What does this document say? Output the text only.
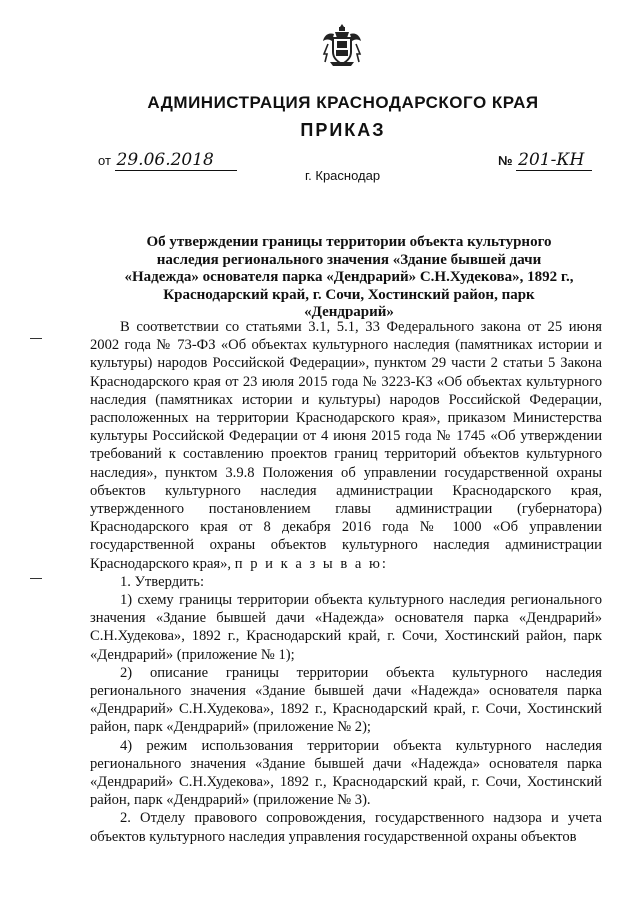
АДМИНИСТРАЦИЯ КРАСНОДАРСКОГО КРАЯ
ПРИКАЗ
от 29.06.2018	№ 201-КН
г. Краснодар
Об утверждении границы территории объекта культурного наследия регионального значения «Здание бывшей дачи «Надежда» основателя парка «Дендрарий» С.Н.Худекова», 1892 г., Краснодарский край, г. Сочи, Хостинский район, парк «Дендрарий»

В соответствии со статьями 3.1, 5.1, 33 Федерального закона от 25 июня 2002 года № 73-ФЗ «Об объектах культурного наследия (памятниках истории и культуры) народов Российской Федерации», пунктом 29 части 2 статьи 5 Закона Краснодарского края от 23 июля 2015 года № 3223-КЗ «Об объектах культурного наследия (памятниках истории и культуры) народов Российской Федерации, расположенных на территории Краснодарского края», приказом Министерства культуры Российской Федерации от 4 июня 2015 года № 1745 «Об утверждении требований к составлению проектов границ территорий объектов культурного наследия», пунктом 3.9.8 Положения об управлении государственной охраны объектов культурного наследия администрации Краснодарского края, утвержденного постановлением главы администрации (губернатора) Краснодарского края от 8 декабря 2016 года № 1000 «Об управлении государственной охраны объектов культурного наследия администрации Краснодарского края», п р и к а з ы в а ю:

1. Утвердить:

1) схему границы территории объекта культурного наследия регионального значения «Здание бывшей дачи «Надежда» основателя парка «Дендрарий» С.Н.Худекова», 1892 г., Краснодарский край, г. Сочи, Хостинский район, парк «Дендрарий» (приложение № 1);

2) описание границы территории объекта культурного наследия регионального значения «Здание бывшей дачи «Надежда» основателя парка «Дендрарий» С.Н.Худекова», 1892 г., Краснодарский край, г. Сочи, Хостинский район, парк «Дендрарий» (приложение № 2);

4) режим использования территории объекта культурного наследия регионального значения «Здание бывшей дачи «Надежда» основателя парка «Дендрарий» С.Н.Худекова», 1892 г., Краснодарский край, г. Сочи, Хостинский район, парк «Дендрарий» (приложение № 3).

2. Отделу правового сопровождения, государственного надзора и учета объектов культурного наследия управления государственной охраны объектов
